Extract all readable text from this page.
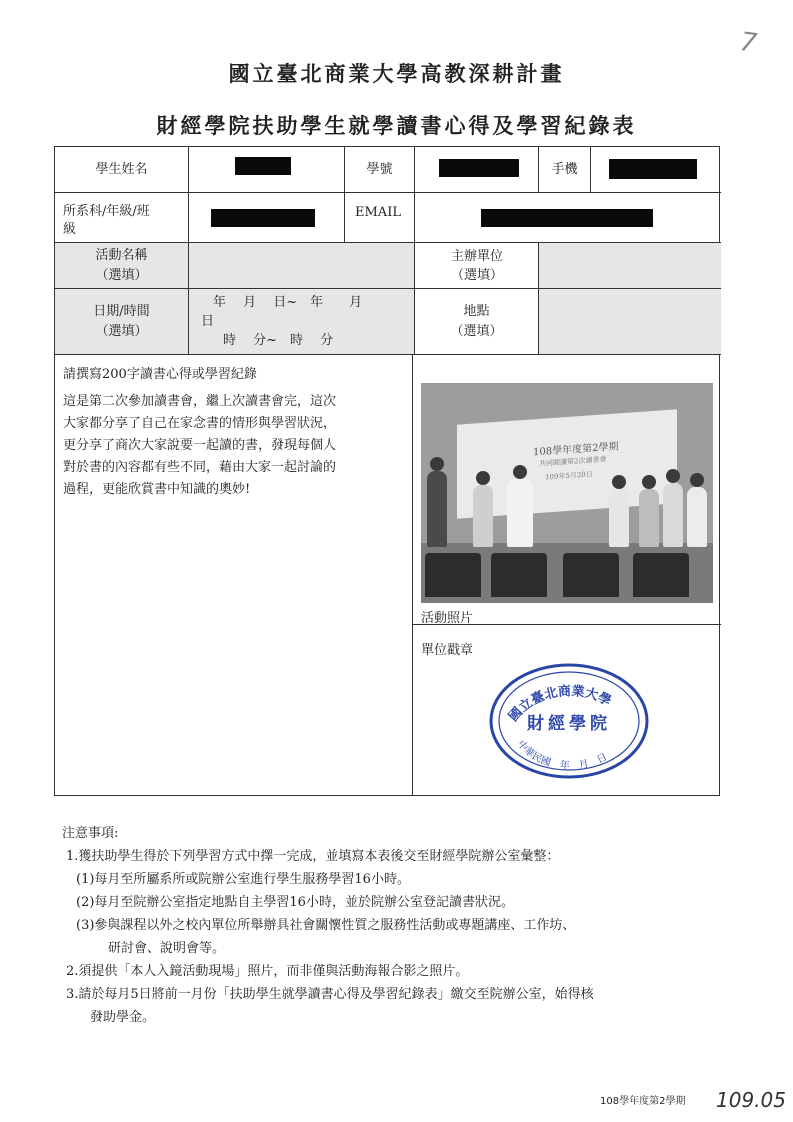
7
國立臺北商業大學高教深耕計畫
財經學院扶助學生就學讀書心得及學習紀錄表
學生姓名	學號	手機
所系科/年級/班
級
EMAIL
活動名稱
（選填）
主辦單位
（選填）
日期/時間
（選填）
年　 月　 日~　年　　月
日
時　 分~　時　 分
地點
（選填）
請撰寫200字讀書心得或學習紀錄
這是第二次參加讀書會，繼上次讀書會完，這次
大家都分享了自己在家念書的情形與學習狀況，
更分享了商次大家說要一起讀的書，發現每個人
對於書的內容都有些不同，藉由大家一起討論的
過程，更能欣賞書中知識的奧妙!
108學年度第2學期
共同閱讀第2次讀書會
109年5月20日
活動照片
單位戳章
國立臺北商業大學
財經學院
中華民國　年　月　日
注意事項:
1.獲扶助學生得於下列學習方式中擇一完成，並填寫本表後交至財經學院辦公室彙整：
(1)每月至所屬系所或院辦公室進行學生服務學習16小時。
(2)每月至院辦公室指定地點自主學習16小時，並於院辦公室登記讀書狀況。
(3)參與課程以外之校內單位所舉辦具社會關懷性質之服務性活動或專題講座、工作坊、
研討會、說明會等。
2.須提供「本人入鏡活動現場」照片，而非僅與活動海報合影之照片。
3.請於每月5日將前一月份「扶助學生就學讀書心得及學習紀錄表」繳交至院辦公室，始得核
發助學金。
108學年度第2學期 109.05
